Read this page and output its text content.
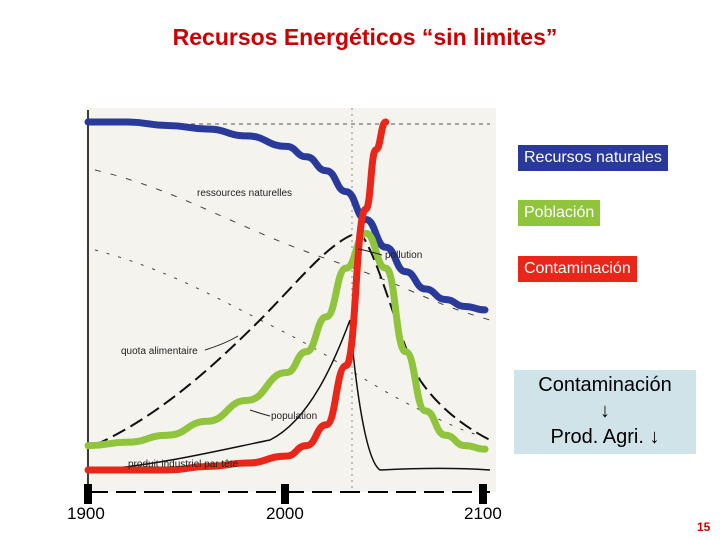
Recursos Energéticos “sin limites”
ressources naturelles
pollution
quota alimentaire
population
produit industriel par tête
Recursos naturales
Población
Contaminación
Contaminación
↓
Prod. Agri. ↓
1900	2000	2100
15
